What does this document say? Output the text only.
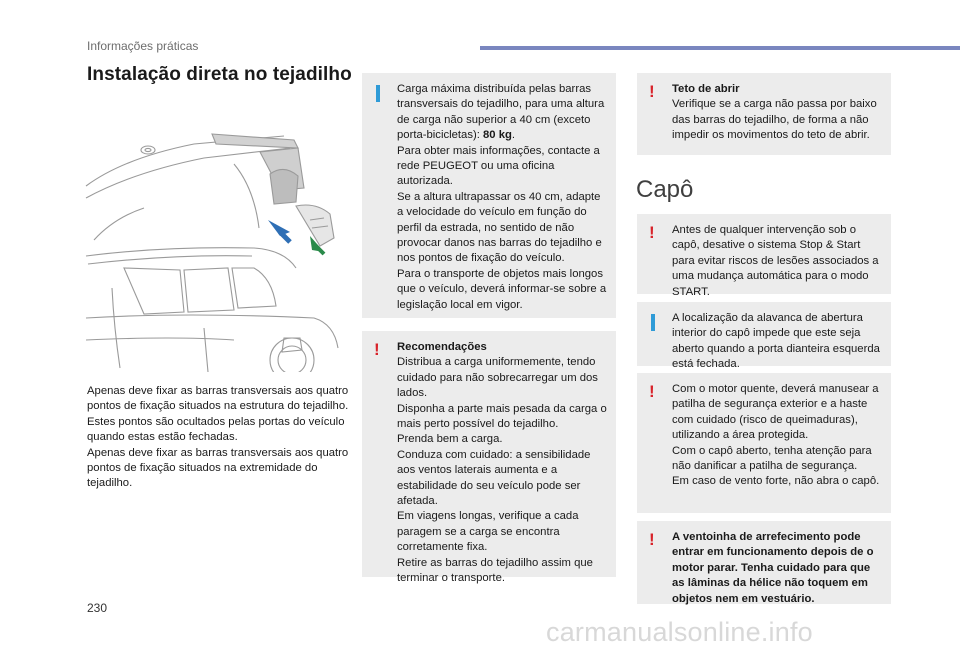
Informações práticas
Instalação direta no tejadilho

Apenas deve fixar as barras transversais aos quatro pontos de fixação situados na estrutura do tejadilho. Estes pontos são ocultados pelas portas do veículo quando estas estão fechadas.

Apenas deve fixar as barras transversais aos quatro pontos de fixação situados na extremidade do tejadilho.

Carga máxima distribuída pelas barras transversais do tejadilho, para uma altura de carga não superior a 40 cm (exceto porta-bicicletas): 80 kg.

Para obter mais informações, contacte a rede PEUGEOT ou uma oficina autorizada.

Se a altura ultrapassar os 40 cm, adapte a velocidade do veículo em função do perfil da estrada, no sentido de não provocar danos nas barras do tejadilho e nos pontos de fixação do veículo.

Para o transporte de objetos mais longos que o veículo, deverá informar-se sobre a legislação local em vigor.

! Recomendações

Distribua a carga uniformemente, tendo cuidado para não sobrecarregar um dos lados.

Disponha a parte mais pesada da carga o mais perto possível do tejadilho.

Prenda bem a carga.

Conduza com cuidado: a sensibilidade aos ventos laterais aumenta e a estabilidade do seu veículo pode ser afetada.

Em viagens longas, verifique a cada paragem se a carga se encontra corretamente fixa.

Retire as barras do tejadilho assim que terminar o transporte.

! Teto de abrir

Verifique se a carga não passa por baixo das barras do tejadilho, de forma a não impedir os movimentos do teto de abrir.

Capô
! Antes de qualquer intervenção sob o capô, desative o sistema Stop & Start para evitar riscos de lesões associados a uma mudança automática para o modo START.

A localização da alavanca de abertura interior do capô impede que este seja aberto quando a porta dianteira esquerda está fechada.

! Com o motor quente, deverá manusear a patilha de segurança exterior e a haste com cuidado (risco de queimaduras), utilizando a área protegida.

Com o capô aberto, tenha atenção para não danificar a patilha de segurança.

Em caso de vento forte, não abra o capô.

! A ventoinha de arrefecimento pode entrar em funcionamento depois de o motor parar. Tenha cuidado para que as lâminas da hélice não toquem em objetos nem em vestuário.

230
carmanualsonline.info
